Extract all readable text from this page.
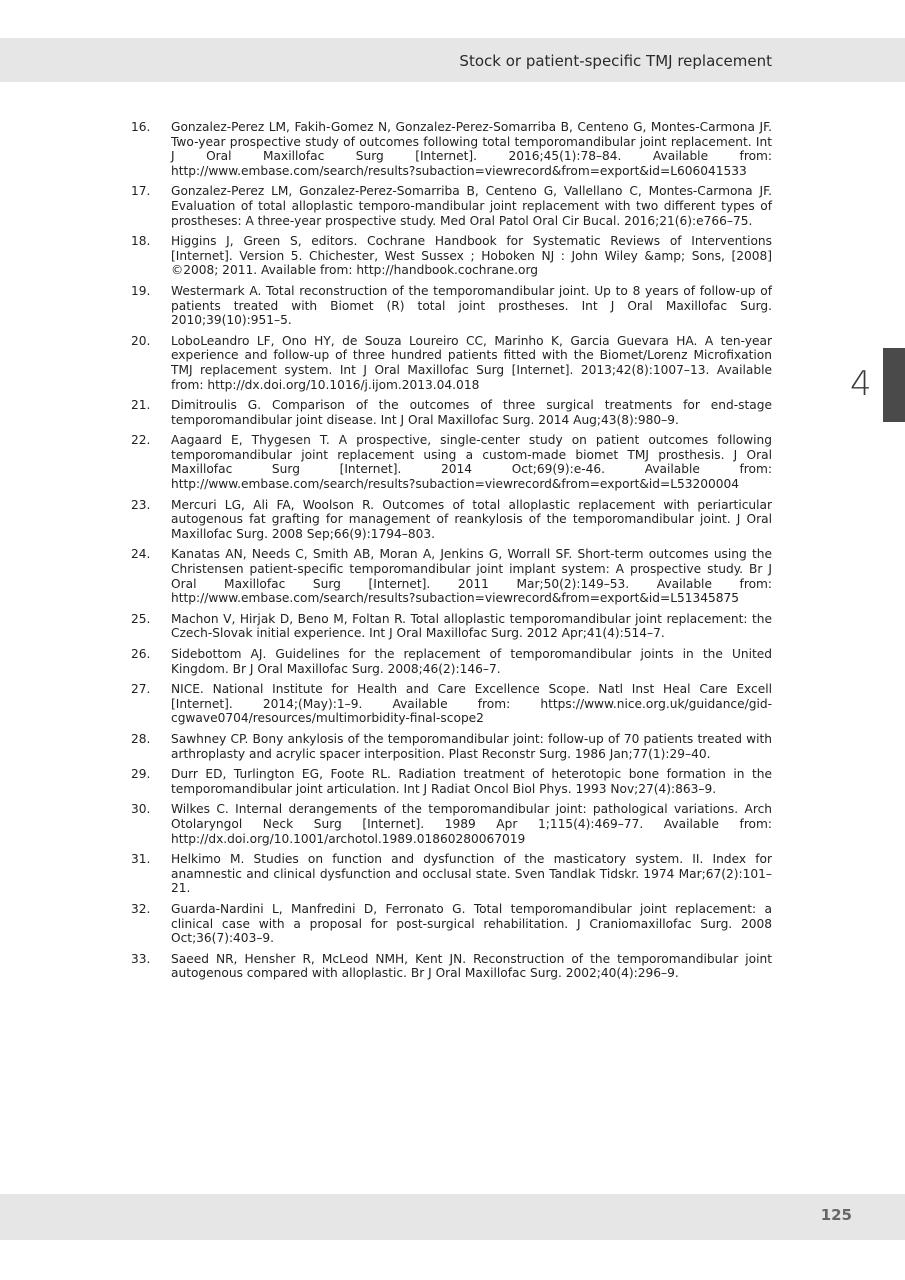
Stock or patient-specific TMJ replacement
16. Gonzalez-Perez LM, Fakih-Gomez N, Gonzalez-Perez-Somarriba B, Centeno G, Montes-Carmona JF. Two-year prospective study of outcomes following total temporomandibular joint replacement. Int J Oral Maxillofac Surg [Internet]. 2016;45(1):78–84. Available from: http://www.embase.com/search/results?subaction=viewrecord&from=export&id=L606041533
17. Gonzalez-Perez LM, Gonzalez-Perez-Somarriba B, Centeno G, Vallellano C, Montes-Carmona JF. Evaluation of total alloplastic temporo-mandibular joint replacement with two different types of prostheses: A three-year prospective study. Med Oral Patol Oral Cir Bucal. 2016;21(6):e766–75.
18. Higgins J, Green S, editors. Cochrane Handbook for Systematic Reviews of Interventions [Internet]. Version 5. Chichester, West Sussex ; Hoboken NJ : John Wiley &amp; Sons, [2008] ©2008; 2011. Available from: http://handbook.cochrane.org
19. Westermark A. Total reconstruction of the temporomandibular joint. Up to 8 years of follow-up of patients treated with Biomet (R) total joint prostheses. Int J Oral Maxillofac Surg. 2010;39(10):951–5.
20. LoboLeandro LF, Ono HY, de Souza Loureiro CC, Marinho K, Garcia Guevara HA. A ten-year experience and follow-up of three hundred patients fitted with the Biomet/Lorenz Microfixation TMJ replacement system. Int J Oral Maxillofac Surg [Internet]. 2013;42(8):1007–13. Available from: http://dx.doi.org/10.1016/j.ijom.2013.04.018
21. Dimitroulis G. Comparison of the outcomes of three surgical treatments for end-stage temporomandibular joint disease. Int J Oral Maxillofac Surg. 2014 Aug;43(8):980–9.
22. Aagaard E, Thygesen T. A prospective, single-center study on patient outcomes following temporomandibular joint replacement using a custom-made biomet TMJ prosthesis. J Oral Maxillofac Surg [Internet]. 2014 Oct;69(9):e-46. Available from: http://www.embase.com/search/results?subaction=viewrecord&from=export&id=L53200004
23. Mercuri LG, Ali FA, Woolson R. Outcomes of total alloplastic replacement with periarticular autogenous fat grafting for management of reankylosis of the temporomandibular joint. J Oral Maxillofac Surg. 2008 Sep;66(9):1794–803.
24. Kanatas AN, Needs C, Smith AB, Moran A, Jenkins G, Worrall SF. Short-term outcomes using the Christensen patient-specific temporomandibular joint implant system: A prospective study. Br J Oral Maxillofac Surg [Internet]. 2011 Mar;50(2):149–53. Available from: http://www.embase.com/search/results?subaction=viewrecord&from=export&id=L51345875
25. Machon V, Hirjak D, Beno M, Foltan R. Total alloplastic temporomandibular joint replacement: the Czech-Slovak initial experience. Int J Oral Maxillofac Surg. 2012 Apr;41(4):514–7.
26. Sidebottom AJ. Guidelines for the replacement of temporomandibular joints in the United Kingdom. Br J Oral Maxillofac Surg. 2008;46(2):146–7.
27. NICE. National Institute for Health and Care Excellence Scope. Natl Inst Heal Care Excell [Internet]. 2014;(May):1–9. Available from: https://www.nice.org.uk/guidance/gid-cgwave0704/resources/multimorbidity-final-scope2
28. Sawhney CP. Bony ankylosis of the temporomandibular joint: follow-up of 70 patients treated with arthroplasty and acrylic spacer interposition. Plast Reconstr Surg. 1986 Jan;77(1):29–40.
29. Durr ED, Turlington EG, Foote RL. Radiation treatment of heterotopic bone formation in the temporomandibular joint articulation. Int J Radiat Oncol Biol Phys. 1993 Nov;27(4):863–9.
30. Wilkes C. Internal derangements of the temporomandibular joint: pathological variations. Arch Otolaryngol Neck Surg [Internet]. 1989 Apr 1;115(4):469–77. Available from: http://dx.doi.org/10.1001/archotol.1989.01860280067019
31. Helkimo M. Studies on function and dysfunction of the masticatory system. II. Index for anamnestic and clinical dysfunction and occlusal state. Sven Tandlak Tidskr. 1974 Mar;67(2):101–21.
32. Guarda-Nardini L, Manfredini D, Ferronato G. Total temporomandibular joint replacement: a clinical case with a proposal for post-surgical rehabilitation. J Craniomaxillofac Surg. 2008 Oct;36(7):403–9.
33. Saeed NR, Hensher R, McLeod NMH, Kent JN. Reconstruction of the temporomandibular joint autogenous compared with alloplastic. Br J Oral Maxillofac Surg. 2002;40(4):296–9.
4
125
